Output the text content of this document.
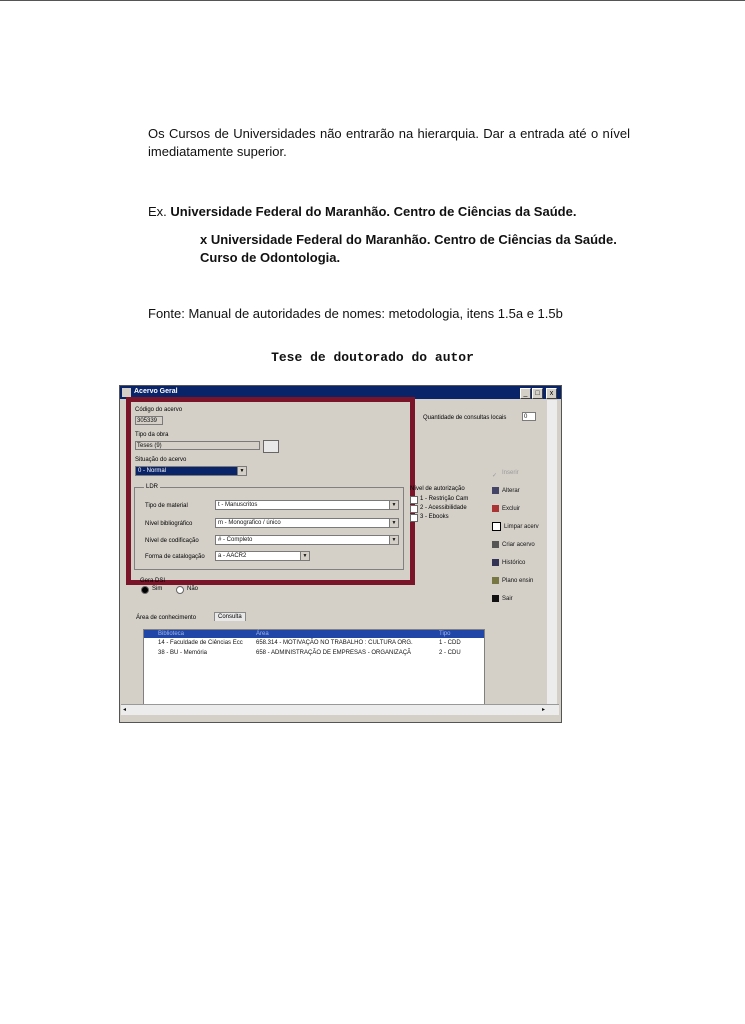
Os Cursos de Universidades não entrarão na hierarquia. Dar a entrada até o nível imediatamente superior.

Ex. Universidade Federal do Maranhão. Centro de Ciências da Saúde.
x Universidade Federal do Maranhão. Centro de Ciências da Saúde.
Curso de Odontologia.
Fonte: Manual de autoridades de nomes: metodologia, itens 1.5a e 1.5b
Tese de doutorado do autor
Acervo Geral	_	□	x
Código do acervo
305339
Tipo da obra
Teses (9)
Situação do acervo
0 - Normal	▼
LDR
Tipo de material	t - Manuscritos	▼
Nível bibliográfico	m - Monografico / único	▼
Nível de codificação	# - Completo	▼
Forma de catalogação	a - AACR2	▼
Quantidade de consultas locais	0
Nível de autorização
1 - Restrição Cam
2 - Acessibilidade
3 - Ebooks
Gera DSI
Sim	Não
✓ Inserir
Alterar
Excluir
Limpar acerv
Criar acervo
Histórico
Plano ensin
Sair
Área de conhecimento	Consulta
Biblioteca	Área	Tipo
14 - Faculdade de Ciências Ecc 658.314 - MOTIVAÇÃO NO TRABALHO : CULTURA ORG.	1 - CDD
38 - BU - Memória	658 - ADMINISTRAÇÃO DE EMPRESAS - ORGANIZAÇÃ	2 - CDU
◂	▸
